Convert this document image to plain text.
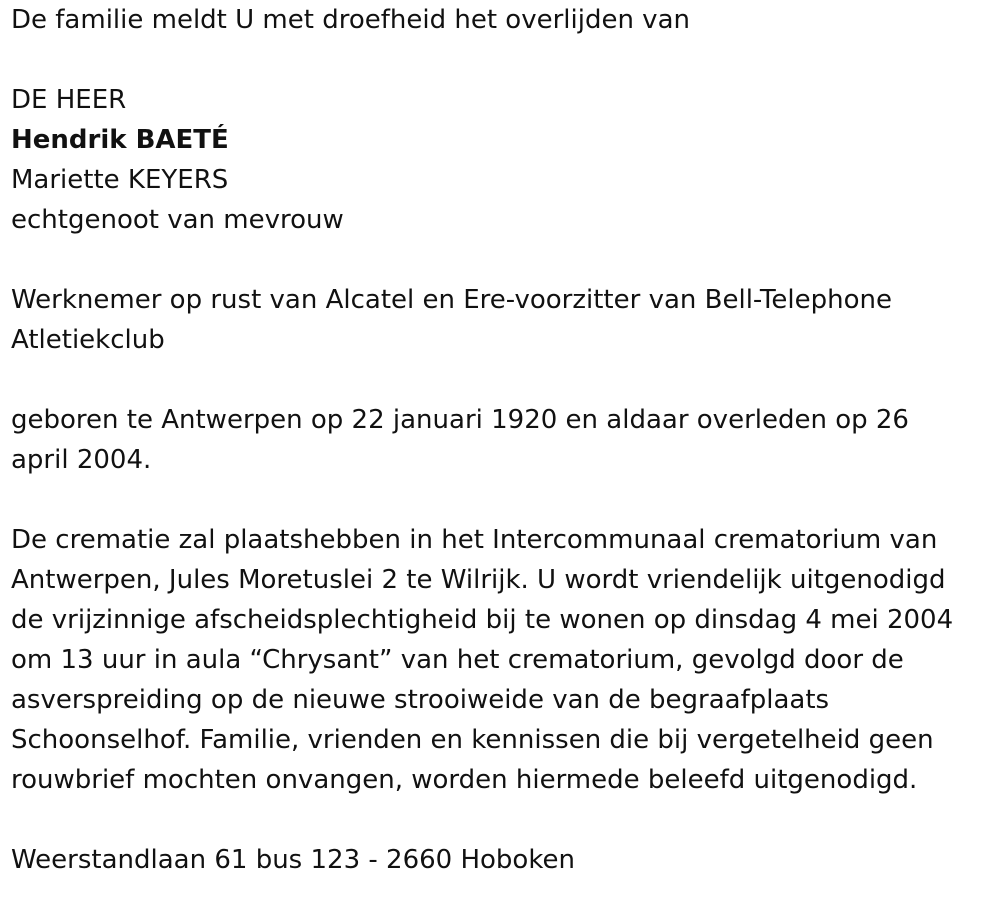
De familie meldt U met droefheid het overlijden van
DE HEER
Hendrik BAETÉ
Mariette KEYERS
echtgenoot van mevrouw
Werknemer op rust van Alcatel en Ere-voorzitter van Bell-Telephone
Atletiekclub
geboren te Antwerpen op 22 januari 1920 en aldaar overleden op 26
april 2004.
De crematie zal plaatshebben in het Intercommunaal crematorium van
Antwerpen, Jules Moretuslei 2 te Wilrijk. U wordt vriendelijk uitgenodigd
de vrijzinnige afscheidsplechtigheid bij te wonen op dinsdag 4 mei 2004
om 13 uur in aula “Chrysant” van het crematorium, gevolgd door de
asverspreiding op de nieuwe strooiweide van de begraafplaats
Schoonselhof. Familie, vrienden en kennissen die bij vergetelheid geen
rouwbrief mochten onvangen, worden hiermede beleefd uitgenodigd.
Weerstandlaan 61 bus 123 - 2660 Hoboken
